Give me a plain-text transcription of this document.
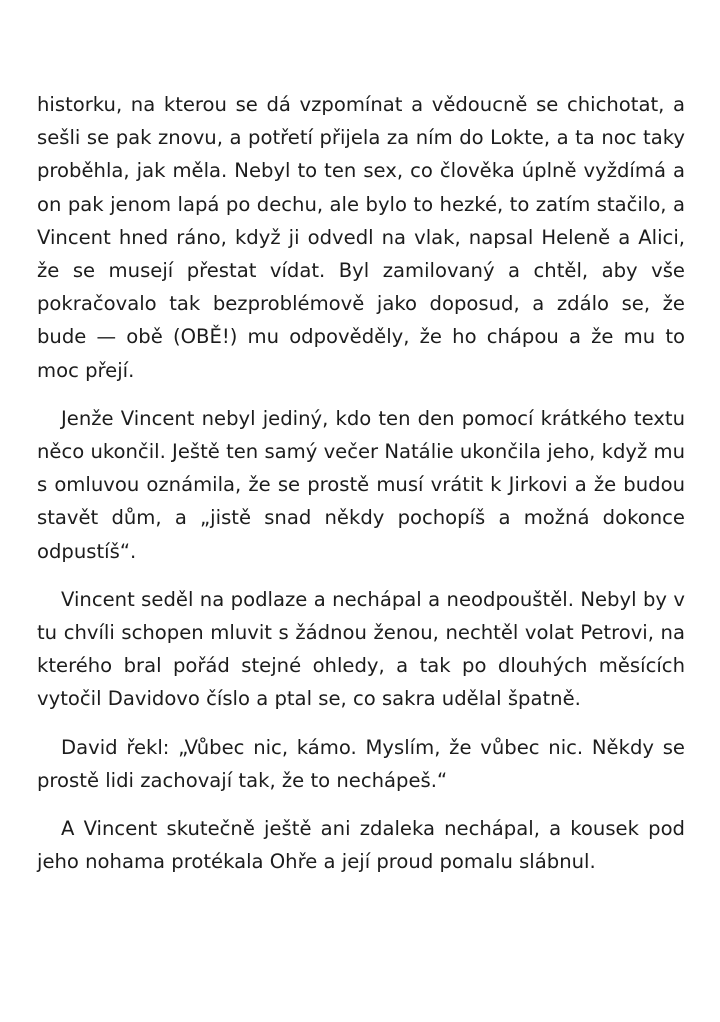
historku, na kterou se dá vzpomínat a vědoucně se chichotat, a sešli se pak znovu, a potřetí přijela za ním do Lokte, a ta noc taky proběhla, jak měla. Nebyl to ten sex, co člověka úplně vyždímá a on pak jenom lapá po dechu, ale bylo to hezké, to zatím stačilo, a Vincent hned ráno, když ji odvedl na vlak, napsal Heleně a Alici, že se musejí přestat vídat. Byl zamilovaný a chtěl, aby vše pokračovalo tak bezproblémově jako doposud, a zdálo se, že bude — obě (OBĚ!) mu odpověděly, že ho chápou a že mu to moc přejí.

Jenže Vincent nebyl jediný, kdo ten den pomocí krátkého textu něco ukončil. Ještě ten samý večer Natálie ukončila jeho, když mu s omluvou oznámila, že se prostě musí vrátit k Jirkovi a že budou stavět dům, a „jistě snad někdy pochopíš a možná dokonce odpustíš“.

Vincent seděl na podlaze a nechápal a neodpouštěl. Nebyl by v tu chvíli schopen mluvit s žádnou ženou, nechtěl volat Petrovi, na kterého bral pořád stejné ohledy, a tak po dlouhých měsících vytočil Davidovo číslo a ptal se, co sakra udělal špatně.

David řekl: „Vůbec nic, kámo. Myslím, že vůbec nic. Někdy se prostě lidi zachovají tak, že to nechápeš.“

A Vincent skutečně ještě ani zdaleka nechápal, a kousek pod jeho nohama protékala Ohře a její proud pomalu slábnul.
